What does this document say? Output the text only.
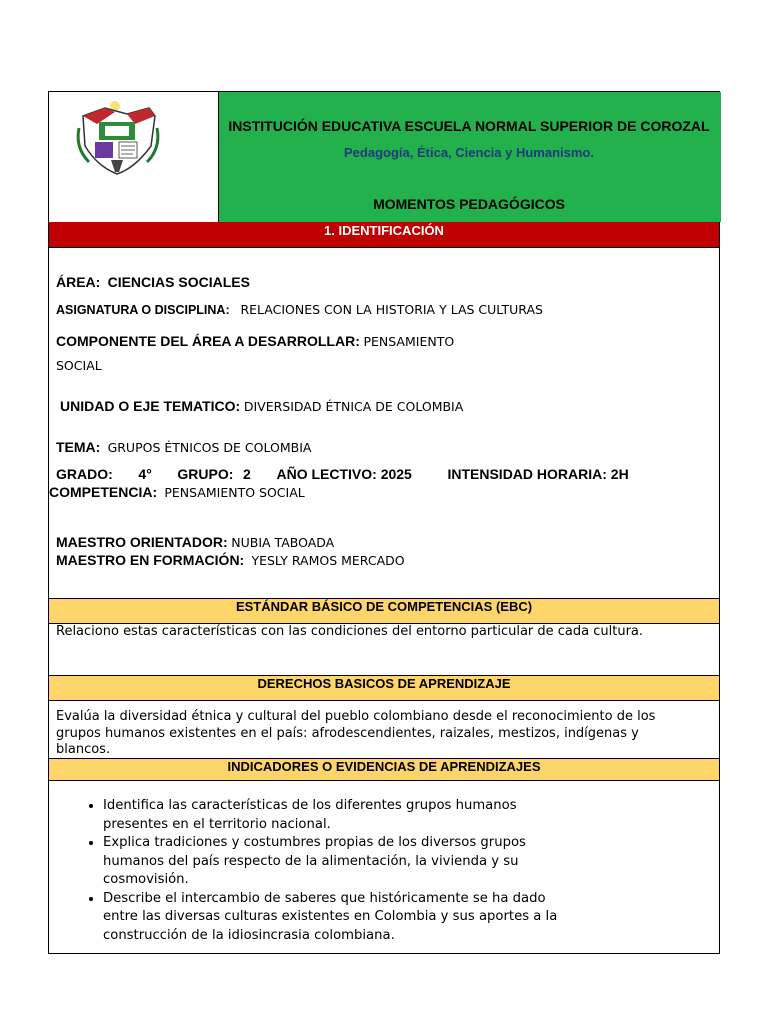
INSTITUCIÓN EDUCATIVA ESCUELA NORMAL SUPERIOR DE COROZAL
Pedagogía, Ética, Ciencia y Humanismo.
MOMENTOS PEDAGÓGICOS
1. IDENTIFICACIÓN
ÁREA: CIENCIAS SOCIALES
ASIGNATURA O DISCIPLINA: RELACIONES CON LA HISTORIA Y LAS CULTURAS
COMPONENTE DEL ÁREA A DESARROLLAR: PENSAMIENTO
SOCIAL
UNIDAD O EJE TEMATICO: DIVERSIDAD ÉTNICA DE COLOMBIA
TEMA: GRUPOS ÉTNICOS DE COLOMBIA
GRADO: 4° GRUPO: 2 AÑO LECTIVO: 2025	INTENSIDAD HORARIA: 2H
COMPETENCIA: PENSAMIENTO SOCIAL
MAESTRO ORIENTADOR: NUBIA TABOADA
MAESTRO EN FORMACIÓN: YESLY RAMOS MERCADO
ESTÁNDAR BÁSICO DE COMPETENCIAS (EBC)
Relaciono estas características con las condiciones del entorno particular de cada cultura.
DERECHOS BASICOS DE APRENDIZAJE
Evalúa la diversidad étnica y cultural del pueblo colombiano desde el reconocimiento de los
grupos humanos existentes en el país: afrodescendientes, raizales, mestizos, indígenas y
blancos.
INDICADORES O EVIDENCIAS DE APRENDIZAJES
• Identifica las características de los diferentes grupos humanos presentes en el territorio nacional.
• Explica tradiciones y costumbres propias de los diversos grupos humanos del país respecto de la alimentación, la vivienda y su cosmovisión.
• Describe el intercambio de saberes que históricamente se ha dado entre las diversas culturas existentes en Colombia y sus aportes a la construcción de la idiosincrasia colombiana.
